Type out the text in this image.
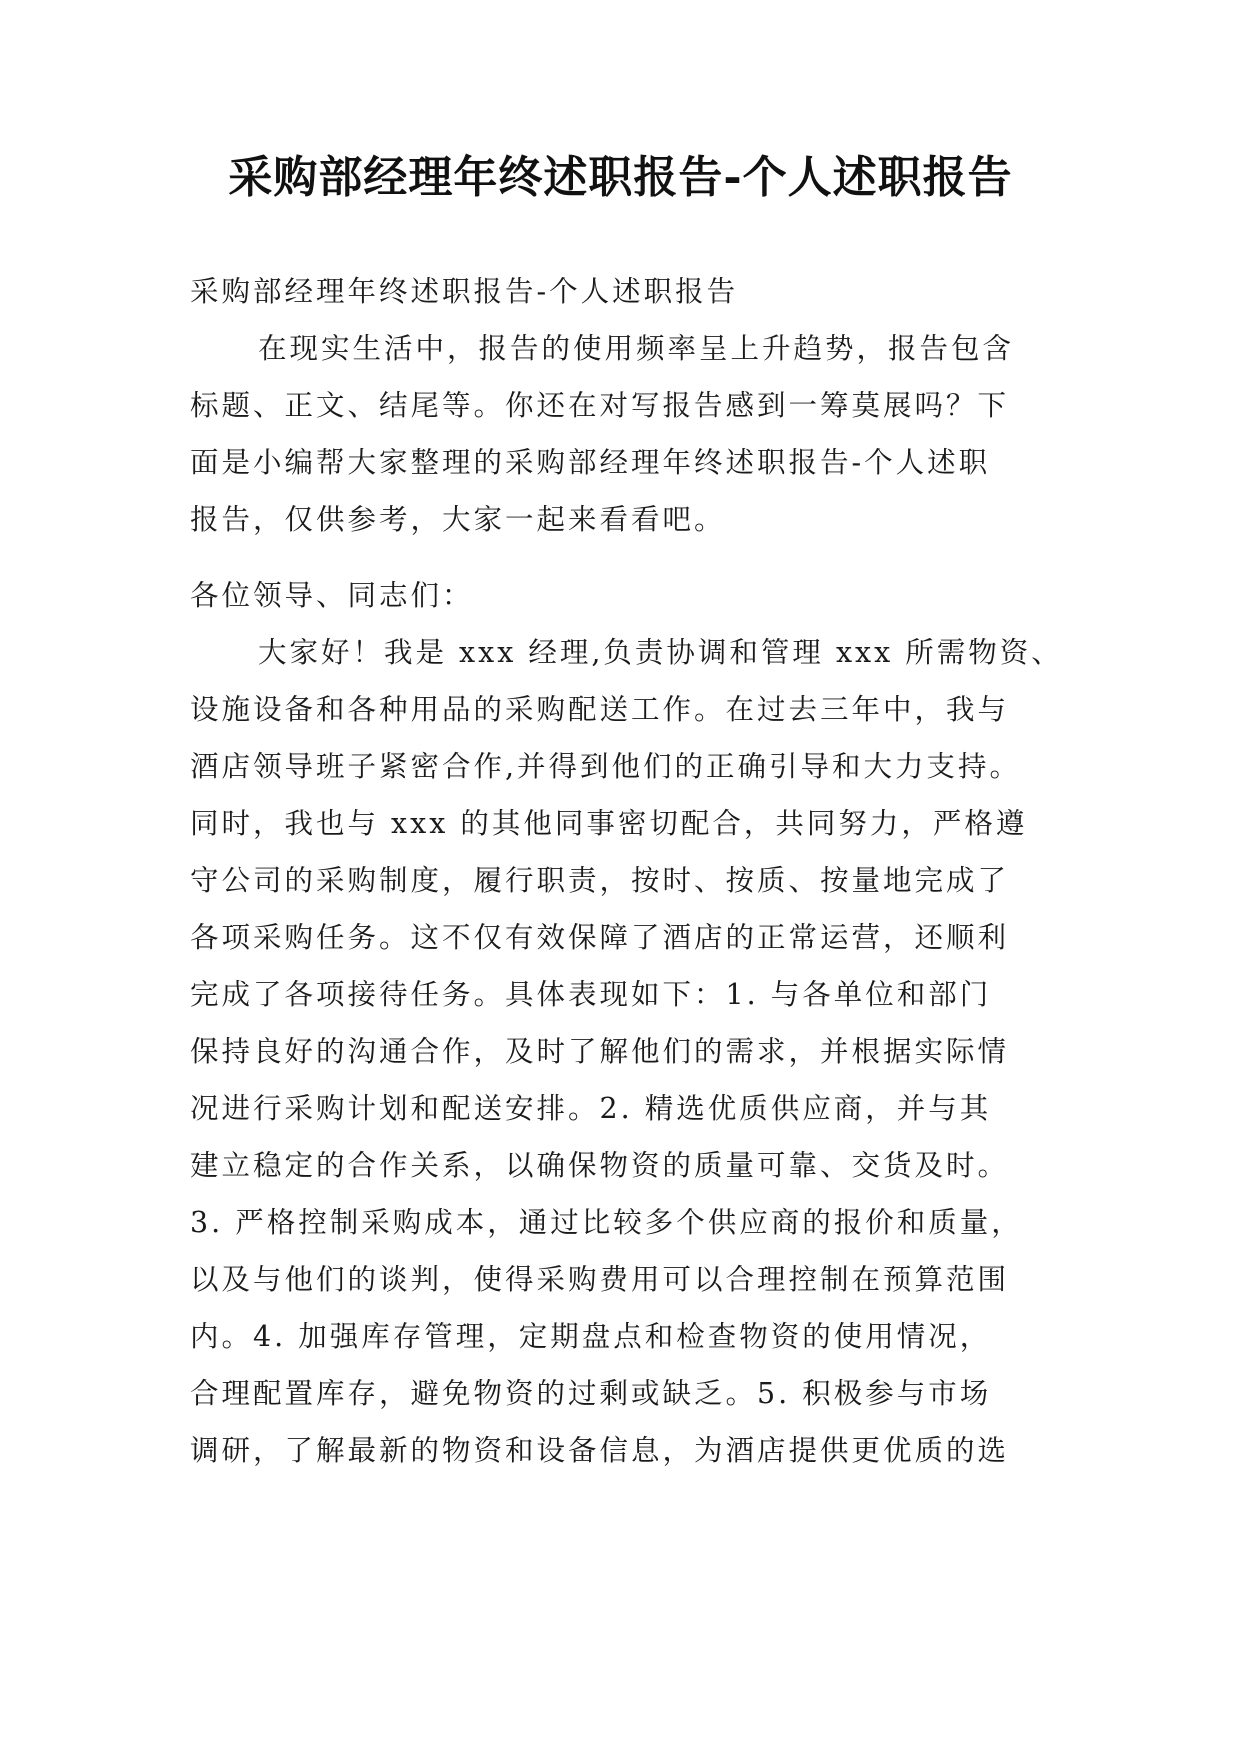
采购部经理年终述职报告-个人述职报告
采购部经理年终述职报告-个人述职报告
在现实生活中，报告的使用频率呈上升趋势，报告包含
标题、正文、结尾等。你还在对写报告感到一筹莫展吗？下
面是小编帮大家整理的采购部经理年终述职报告-个人述职
报告，仅供参考，大家一起来看看吧。
各位领导、同志们：
大家好！我是 xxx 经理,负责协调和管理 xxx 所需物资、
设施设备和各种用品的采购配送工作。在过去三年中，我与
酒店领导班子紧密合作,并得到他们的正确引导和大力支持。
同时，我也与 xxx 的其他同事密切配合，共同努力，严格遵
守公司的采购制度，履行职责，按时、按质、按量地完成了
各项采购任务。这不仅有效保障了酒店的正常运营，还顺利
完成了各项接待任务。具体表现如下：1. 与各单位和部门
保持良好的沟通合作，及时了解他们的需求，并根据实际情
况进行采购计划和配送安排。2. 精选优质供应商，并与其
建立稳定的合作关系，以确保物资的质量可靠、交货及时。
3. 严格控制采购成本，通过比较多个供应商的报价和质量，
以及与他们的谈判，使得采购费用可以合理控制在预算范围
内。4. 加强库存管理，定期盘点和检查物资的使用情况，
合理配置库存，避免物资的过剩或缺乏。5. 积极参与市场
调研，了解最新的物资和设备信息，为酒店提供更优质的选
